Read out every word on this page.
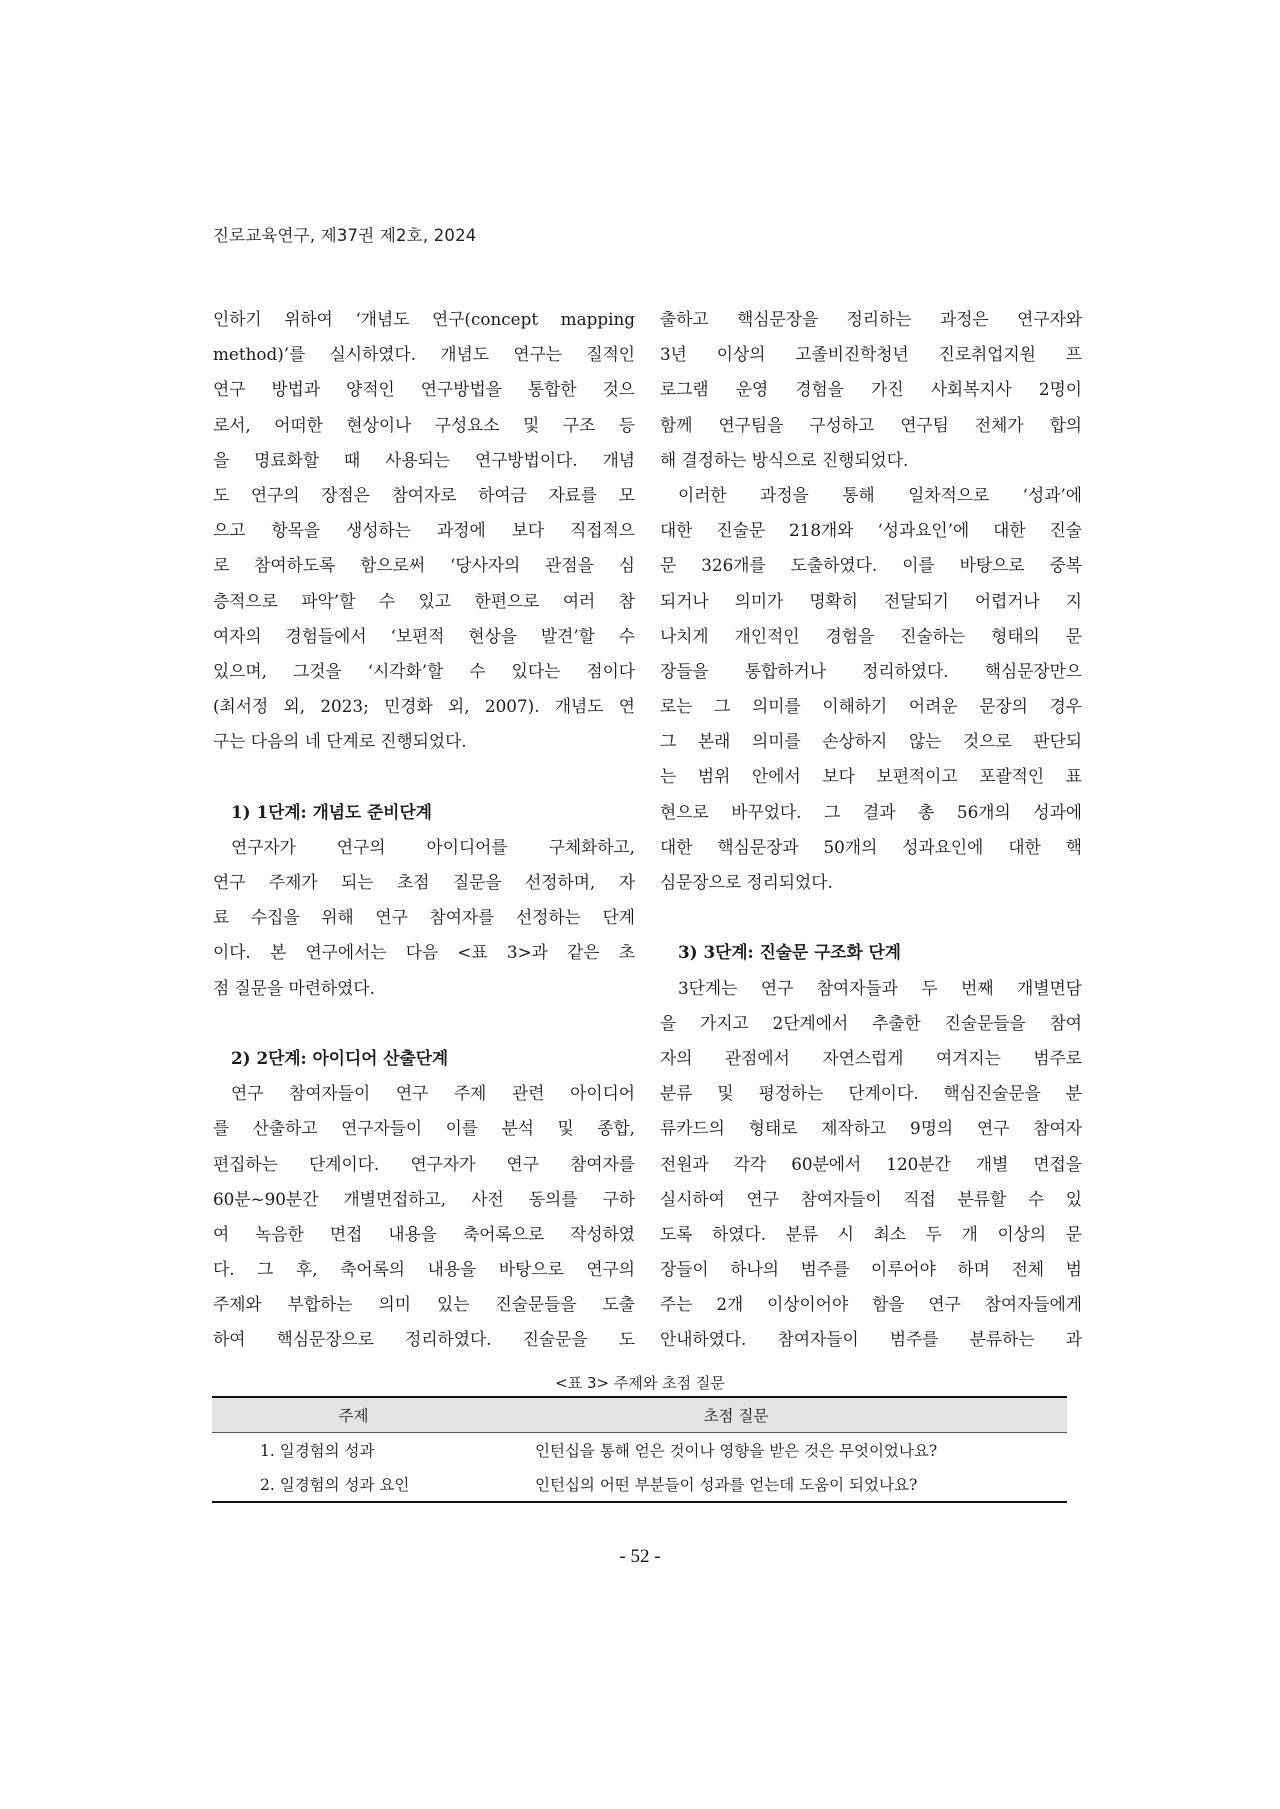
진로교육연구, 제37권 제2호, 2024
인하기 위하여 ‘개념도 연구(concept mapping
method)’를 실시하였다. 개념도 연구는 질적인
연구 방법과 양적인 연구방법을 통합한 것으
로서, 어떠한 현상이나 구성요소 및 구조 등
을 명료화할 때 사용되는 연구방법이다. 개념
도 연구의 장점은 참여자로 하여금 자료를 모
으고 항목을 생성하는 과정에 보다 직접적으
로 참여하도록 함으로써 ‘당사자의 관점을 심
층적으로 파악’할 수 있고 한편으로 여러 참
여자의 경험들에서 ‘보편적 현상을 발견’할 수
있으며, 그것을 ‘시각화’할 수 있다는 점이다
(최서정 외, 2023; 민경화 외, 2007). 개념도 연
구는 다음의 네 단계로 진행되었다.
1) 1단계: 개념도 준비단계
연구자가 연구의 아이디어를 구체화하고,
연구 주제가 되는 초점 질문을 선정하며, 자
료 수집을 위해 연구 참여자를 선정하는 단계
이다. 본 연구에서는 다음 <표 3>과 같은 초
점 질문을 마련하였다.
2) 2단계: 아이디어 산출단계
연구 참여자들이 연구 주제 관련 아이디어
를 산출하고 연구자들이 이를 분석 및 종합,
편집하는 단계이다. 연구자가 연구 참여자를
60분~90분간 개별면접하고, 사전 동의를 구하
여 녹음한 면접 내용을 축어록으로 작성하였
다. 그 후, 축어록의 내용을 바탕으로 연구의
주제와 부합하는 의미 있는 진술문들을 도출
하여 핵심문장으로 정리하였다. 진술문을 도
출하고 핵심문장을 정리하는 과정은 연구자와
3년 이상의 고졸비진학청년 진로취업지원 프
로그램 운영 경험을 가진 사회복지사 2명이
함께 연구팀을 구성하고 연구팀 전체가 합의
해 결정하는 방식으로 진행되었다.
이러한 과정을 통해 일차적으로 ‘성과’에
대한 진술문 218개와 ‘성과요인’에 대한 진술
문 326개를 도출하였다. 이를 바탕으로 중복
되거나 의미가 명확히 전달되기 어렵거나 지
나치게 개인적인 경험을 진술하는 형태의 문
장들을 통합하거나 정리하였다. 핵심문장만으
로는 그 의미를 이해하기 어려운 문장의 경우
그 본래 의미를 손상하지 않는 것으로 판단되
는 범위 안에서 보다 보편적이고 포괄적인 표
현으로 바꾸었다. 그 결과 총 56개의 성과에
대한 핵심문장과 50개의 성과요인에 대한 핵
심문장으로 정리되었다.
3) 3단계: 진술문 구조화 단계
3단계는 연구 참여자들과 두 번째 개별면담
을 가지고 2단계에서 추출한 진술문들을 참여
자의 관점에서 자연스럽게 여겨지는 범주로
분류 및 평정하는 단계이다. 핵심진술문을 분
류카드의 형태로 제작하고 9명의 연구 참여자
전원과 각각 60분에서 120분간 개별 면접을
실시하여 연구 참여자들이 직접 분류할 수 있
도록 하였다. 분류 시 최소 두 개 이상의 문
장들이 하나의 범주를 이루어야 하며 전체 범
주는 2개 이상이어야 함을 연구 참여자들에게
안내하였다. 참여자들이 범주를 분류하는 과
<표 3> 주제와 초점 질문
주제	초점 질문
1. 일경험의 성과	인턴십을 통해 얻은 것이나 영향을 받은 것은 무엇이었나요?
2. 일경험의 성과 요인	인턴십의 어떤 부분들이 성과를 얻는데 도움이 되었나요?
- 52 -
